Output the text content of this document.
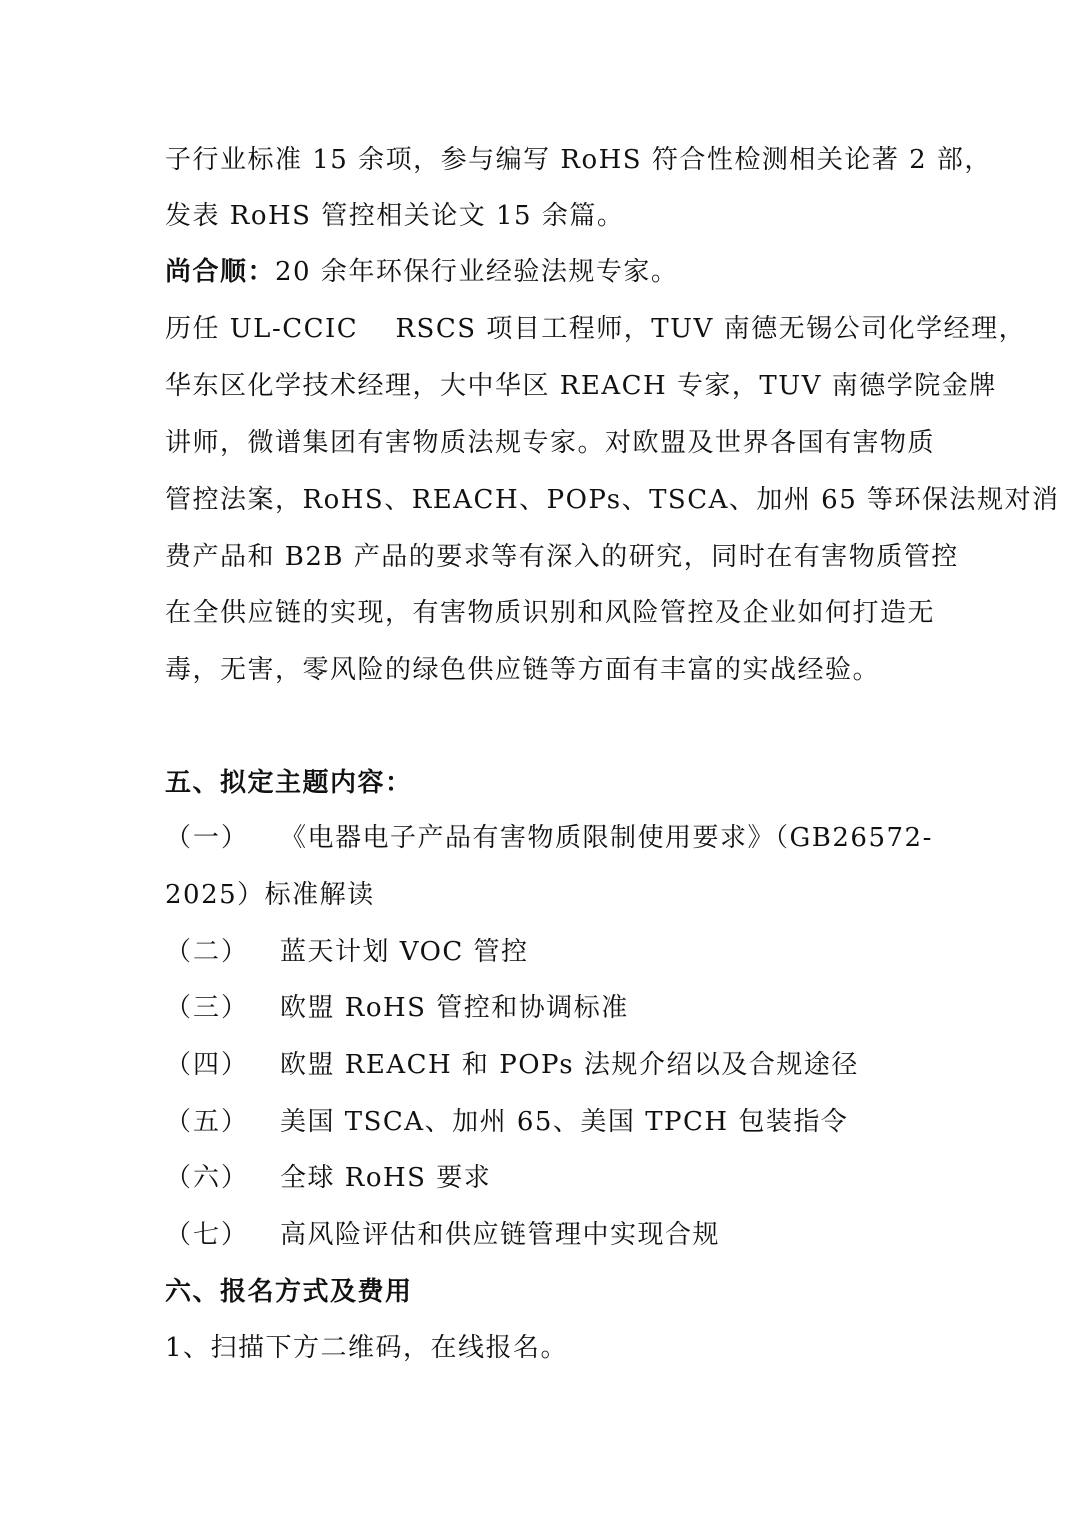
子行业标准 15 余项，参与编写 RoHS 符合性检测相关论著 2 部，
发表 RoHS 管控相关论文 15 余篇。
尚合顺：20 余年环保行业经验法规专家。
历任 UL-CCIC　 RSCS 项目工程师，TUV 南德无锡公司化学经理，
华东区化学技术经理，大中华区 REACH 专家，TUV 南德学院金牌
讲师，微谱集团有害物质法规专家。对欧盟及世界各国有害物质
管控法案，RoHS、REACH、POPs、TSCA、加州 65 等环保法规对消
费产品和 B2B 产品的要求等有深入的研究，同时在有害物质管控
在全供应链的实现，有害物质识别和风险管控及企业如何打造无
毒，无害，零风险的绿色供应链等方面有丰富的实战经验。
五、拟定主题内容：
（一） 《电器电子产品有害物质限制使用要求》（GB26572-
2025）标准解读
（二） 蓝天计划 VOC 管控
（三） 欧盟 RoHS 管控和协调标准
（四） 欧盟 REACH 和 POPs 法规介绍以及合规途径
（五） 美国 TSCA、加州 65、美国 TPCH 包装指令
（六） 全球 RoHS 要求
（七） 高风险评估和供应链管理中实现合规
六、报名方式及费用
1、扫描下方二维码，在线报名。
